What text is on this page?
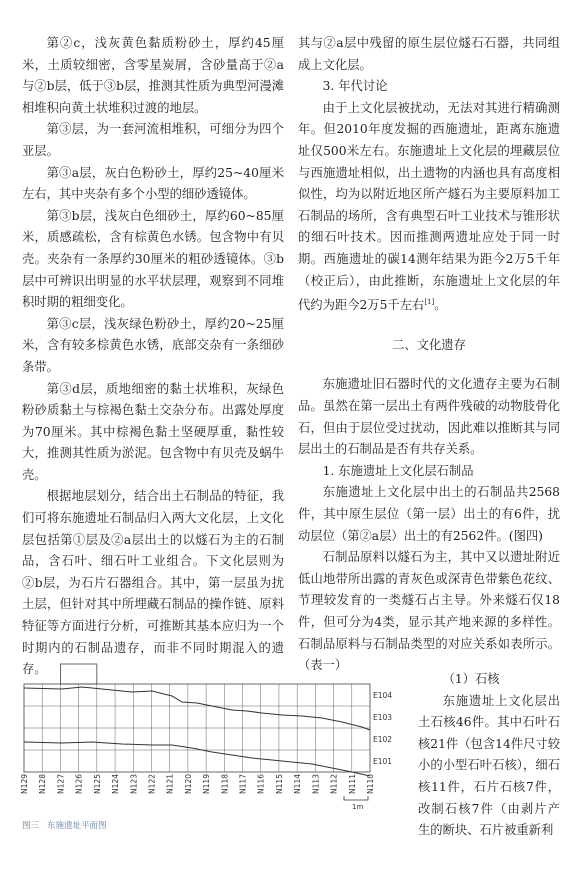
第②c，浅灰黄色黏质粉砂土，厚约45厘米，土质较细密，含零星炭屑，含砂量高于②a与②b层，低于③b层，推测其性质为典型河漫滩相堆积向黄土状堆积过渡的地层。

第③层，为一套河流相堆积，可细分为四个亚层。

第③a层，灰白色粉砂土，厚约25~40厘米左右，其中夹杂有多个小型的细砂透镜体。

第③b层，浅灰白色细砂土，厚约60~85厘米，质感疏松，含有棕黄色水锈。包含物中有贝壳。夹杂有一条厚约30厘米的粗砂透镜体。③b层中可辨识出明显的水平状层理，观察到不同堆积时期的粗细变化。

第③c层，浅灰绿色粉砂土，厚约20~25厘米，含有较多棕黄色水锈，底部交杂有一条细砂条带。

第③d层，质地细密的黏土状堆积，灰绿色粉砂质黏土与棕褐色黏土交杂分布。出露处厚度为70厘米。其中棕褐色黏土坚硬厚重，黏性较大，推测其性质为淤泥。包含物中有贝壳及蜗牛壳。

根据地层划分，结合出土石制品的特征，我们可将东施遗址石制品归入两大文化层，上文化层包括第①层及②a层出土的以燧石为主的石制品，含石叶、细石叶工业组合。下文化层则为②b层，为石片石器组合。其中，第一层虽为扰土层，但针对其中所埋藏石制品的操作链、原料特征等方面进行分析，可推断其基本应归为一个时期内的石制品遗存，而非不同时期混入的遗存。

其与②a层中残留的原生层位燧石石器，共同组成上文化层。

3. 年代讨论

由于上文化层被扰动，无法对其进行精确测年。但2010年度发掘的西施遗址，距离东施遗址仅500米左右。东施遗址上文化层的埋藏层位与西施遗址相似，出土遗物的内涵也具有高度相似性，均为以附近地区所产燧石为主要原料加工石制品的场所，含有典型石叶工业技术与锥形状的细石叶技术。因而推测两遗址应处于同一时期。西施遗址的碳14测年结果为距今2万5千年（校正后），由此推断，东施遗址上文化层的年代约为距今2万5千左右[1]。

二、文化遗存

东施遗址旧石器时代的文化遗存主要为石制品。虽然在第一层出土有两件残破的动物肢骨化石，但由于层位受过扰动，因此难以推断其与同层出土的石制品是否有共存关系。

1. 东施遗址上文化层石制品

东施遗址上文化层中出土的石制品共2568件，其中原生层位（第一层）出土的有6件，扰动层位（第②a层）出土的有2562件。(图四)

石制品原料以燧石为主，其中又以遗址附近低山地带所出露的青灰色或深青色带紫色花纹、节理较发育的一类燧石占主导。外来燧石仅18件，但可分为4类，显示其产地来源的多样性。石制品原料与石制品类型的对应关系如表所示。（表一）

（1）石核

东施遗址上文化层出土石核46件。其中石叶石核21件（包含14件尺寸较小的小型石叶石核），细石核11件，石片石核7件，改制石核7件（由剥片产生的断块、石片被重新利

E104
E103
E102
E101
N129 N128 N127 N126 N125 N124 N123 N122 N121 N120 N119 N118 N117 N116 N115 N114 N113 N112 N111 N110
1m
图三 东施遗址平面图
